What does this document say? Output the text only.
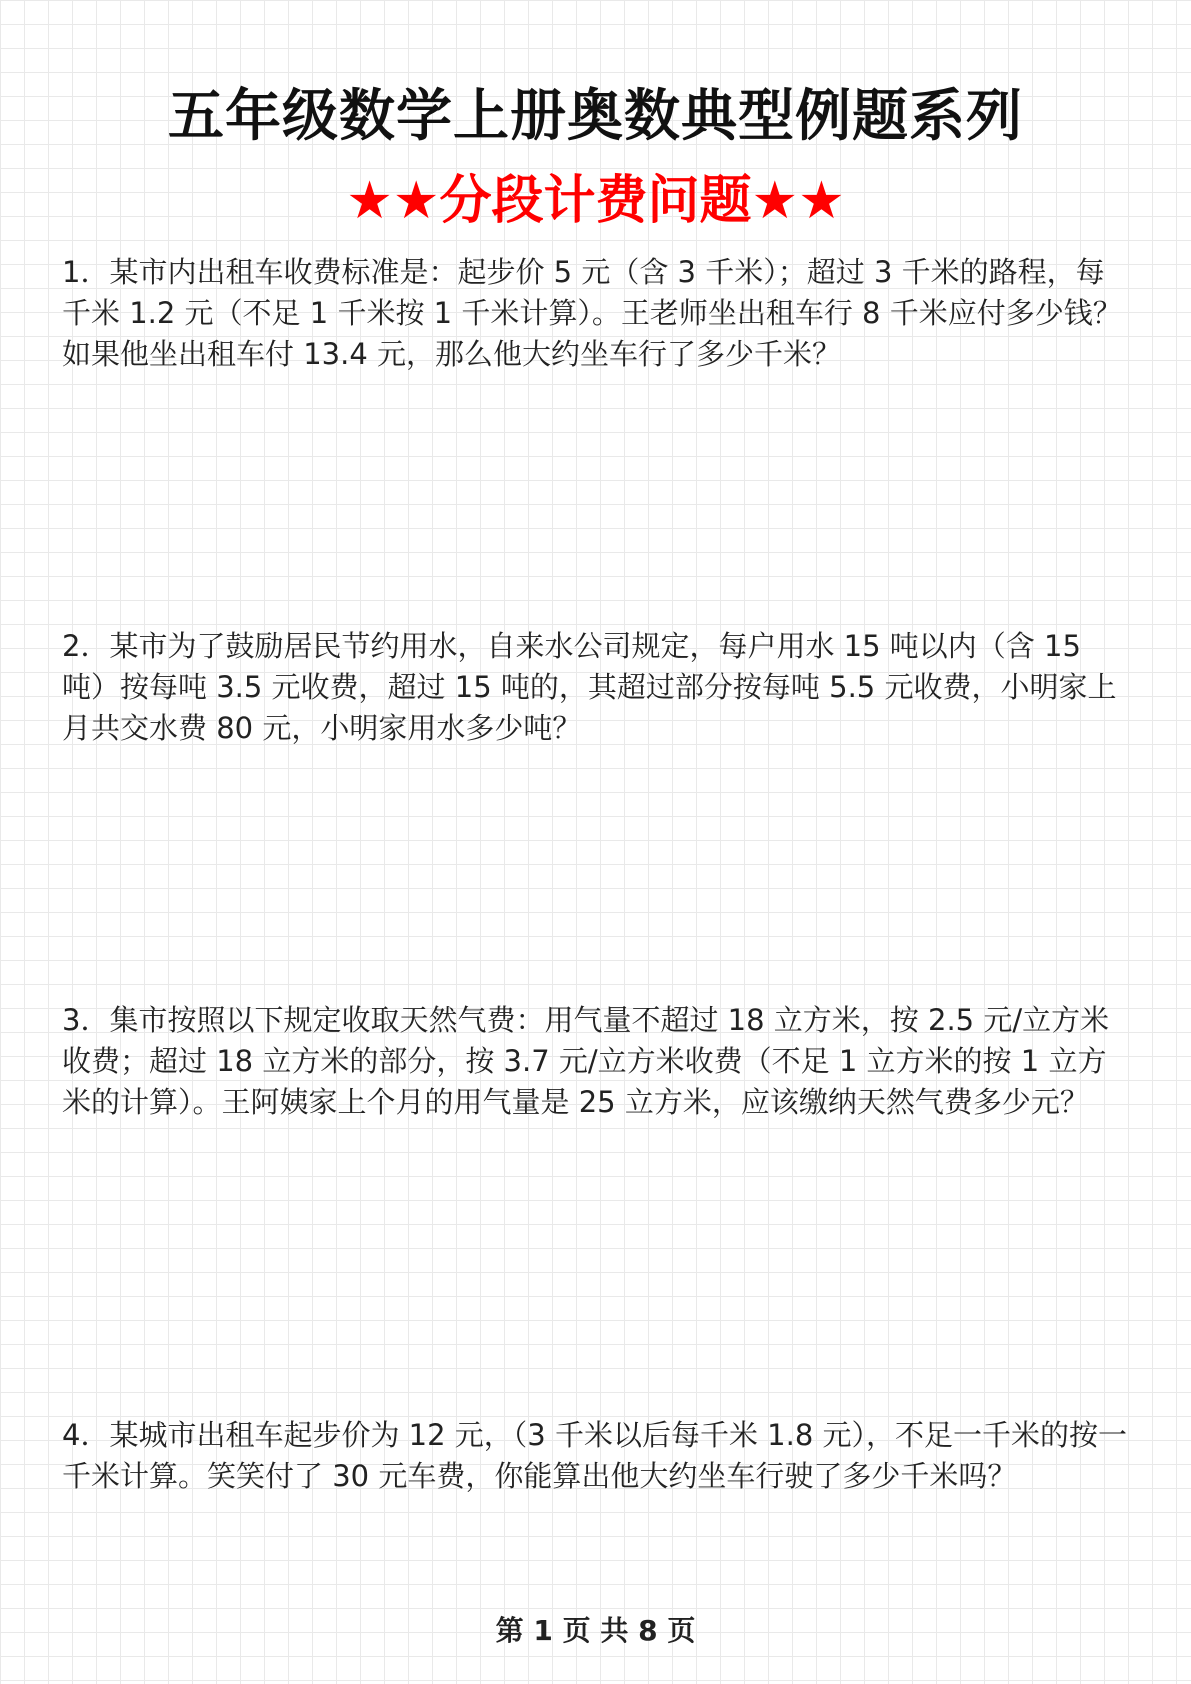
五年级数学上册奥数典型例题系列
★★分段计费问题★★
1．某市内出租车收费标准是：起步价 5 元（含 3 千米）；超过 3 千米的路程，每千米 1.2 元（不足 1 千米按 1 千米计算）。王老师坐出租车行 8 千米应付多少钱？如果他坐出租车付 13.4 元，那么他大约坐车行了多少千米？
2．某市为了鼓励居民节约用水，自来水公司规定，每户用水 15 吨以内（含 15 吨）按每吨 3.5 元收费，超过 15 吨的，其超过部分按每吨 5.5 元收费，小明家上月共交水费 80 元，小明家用水多少吨？
3．集市按照以下规定收取天然气费：用气量不超过 18 立方米，按 2.5 元/立方米收费；超过 18 立方米的部分，按 3.7 元/立方米收费（不足 1 立方米的按 1 立方米的计算）。王阿姨家上个月的用气量是 25 立方米，应该缴纳天然气费多少元？
4．某城市出租车起步价为 12 元，（3 千米以后每千米 1.8 元），不足一千米的按一千米计算。笑笑付了 30 元车费，你能算出他大约坐车行驶了多少千米吗？
第 1 页 共 8 页
